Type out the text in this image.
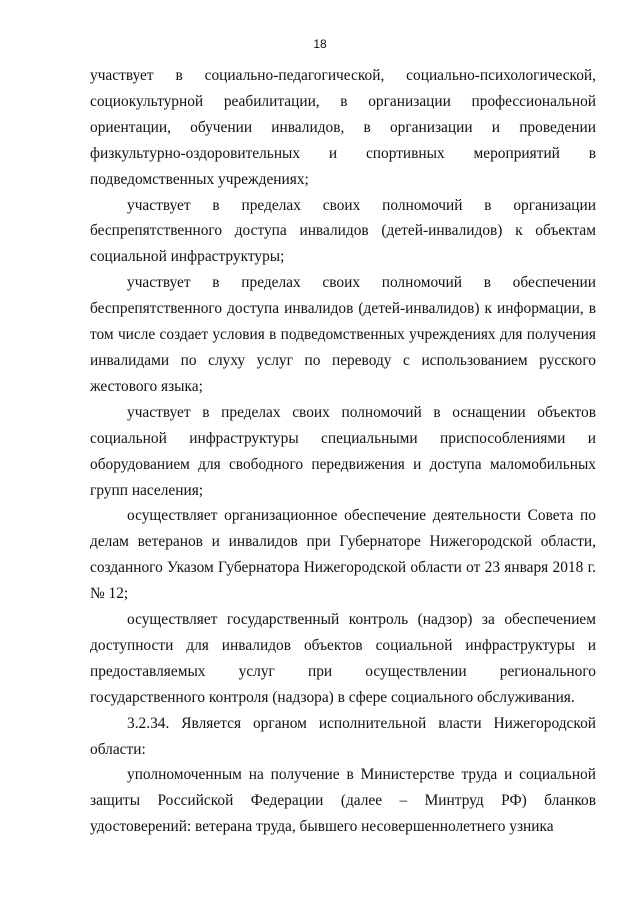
18

участвует в социально-педагогической, социально-психологической, социокультурной реабилитации, в организации профессиональной ориентации, обучении инвалидов, в организации и проведении физкультурно-оздоровительных и спортивных мероприятий в подведомственных учреждениях;

участвует в пределах своих полномочий в организации беспрепятственного доступа инвалидов (детей-инвалидов) к объектам социальной инфраструктуры;

участвует в пределах своих полномочий в обеспечении беспрепятственного доступа инвалидов (детей-инвалидов) к информации, в том числе создает условия в подведомственных учреждениях для получения инвалидами по слуху услуг по переводу с использованием русского жестового языка;

участвует в пределах своих полномочий в оснащении объектов социальной инфраструктуры специальными приспособлениями и оборудованием для свободного передвижения и доступа маломобильных групп населения;

осуществляет организационное обеспечение деятельности Совета по делам ветеранов и инвалидов при Губернаторе Нижегородской области, созданного Указом Губернатора Нижегородской области от 23 января 2018 г. № 12;

осуществляет государственный контроль (надзор) за обеспечением доступности для инвалидов объектов социальной инфраструктуры и предоставляемых услуг при осуществлении регионального государственного контроля (надзора) в сфере социального обслуживания.

3.2.34. Является органом исполнительной власти Нижегородской области:

уполномоченным на получение в Министерстве труда и социальной защиты Российской Федерации (далее – Минтруд РФ) бланков удостоверений: ветерана труда, бывшего несовершеннолетнего узника
